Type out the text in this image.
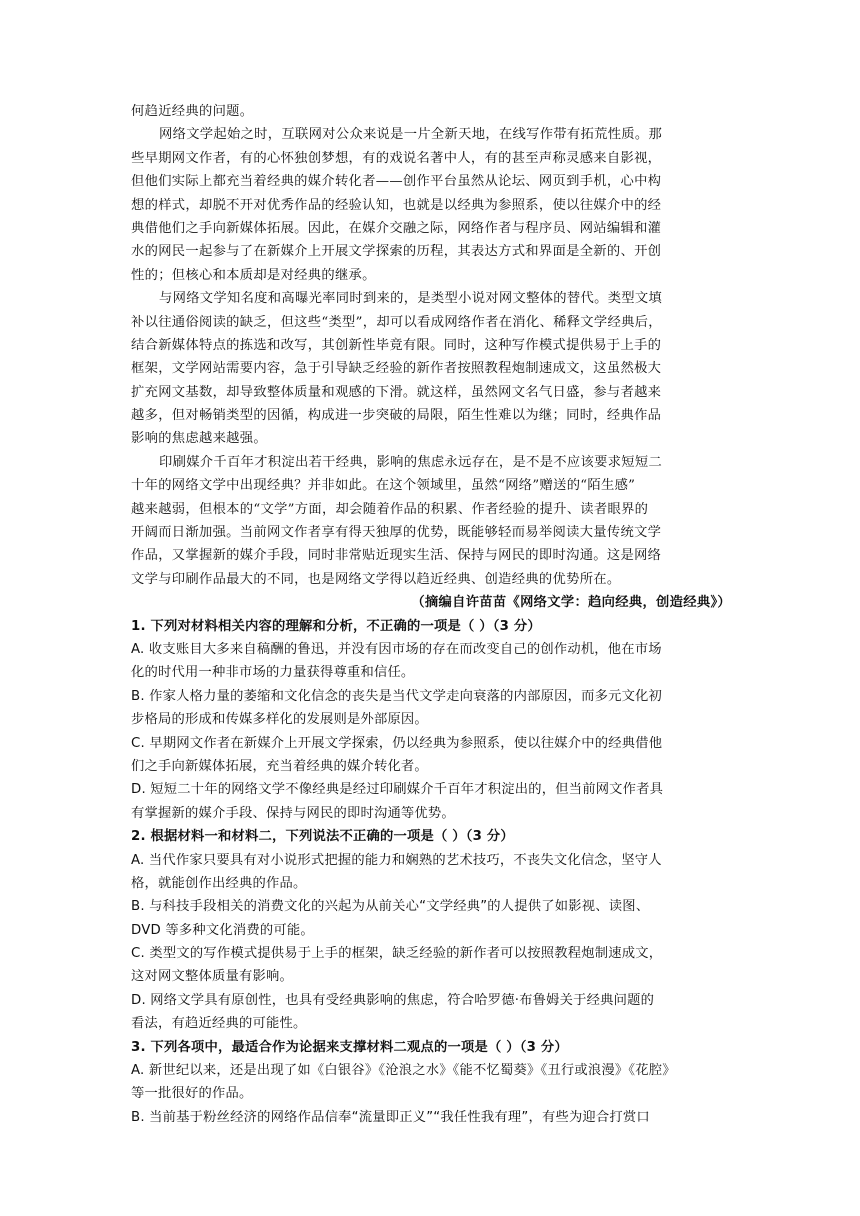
何趋近经典的问题。
网络文学起始之时，互联网对公众来说是一片全新天地，在线写作带有拓荒性质。那
些早期网文作者，有的心怀独创梦想，有的戏说名著中人，有的甚至声称灵感来自影视，
但他们实际上都充当着经典的媒介转化者——创作平台虽然从论坛、网页到手机，心中构
想的样式，却脱不开对优秀作品的经验认知，也就是以经典为参照系，使以往媒介中的经
典借他们之手向新媒体拓展。因此，在媒介交融之际，网络作者与程序员、网站编辑和灌
水的网民一起参与了在新媒介上开展文学探索的历程，其表达方式和界面是全新的、开创
性的；但核心和本质却是对经典的继承。
与网络文学知名度和高曝光率同时到来的，是类型小说对网文整体的替代。类型文填
补以往通俗阅读的缺乏，但这些“类型”，却可以看成网络作者在消化、稀释文学经典后，
结合新媒体特点的拣选和改写，其创新性毕竟有限。同时，这种写作模式提供易于上手的
框架，文学网站需要内容，急于引导缺乏经验的新作者按照教程炮制速成文，这虽然极大
扩充网文基数，却导致整体质量和观感的下滑。就这样，虽然网文名气日盛，参与者越来
越多，但对畅销类型的因循，构成进一步突破的局限，陌生性难以为继；同时，经典作品
影响的焦虑越来越强。
印刷媒介千百年才积淀出若干经典，影响的焦虑永远存在，是不是不应该要求短短二
十年的网络文学中出现经典？并非如此。在这个领域里，虽然“网络”赠送的“陌生感”
越来越弱，但根本的“文学”方面，却会随着作品的积累、作者经验的提升、读者眼界的
开阔而日渐加强。当前网文作者享有得天独厚的优势，既能够轻而易举阅读大量传统文学
作品，又掌握新的媒介手段，同时非常贴近现实生活、保持与网民的即时沟通。这是网络
文学与印刷作品最大的不同，也是网络文学得以趋近经典、创造经典的优势所在。
（摘编自许苗苗《网络文学：趋向经典，创造经典》）
1. 下列对材料相关内容的理解和分析，不正确的一项是（ ）（3 分）
A. 收支账目大多来自稿酬的鲁迅，并没有因市场的存在而改变自己的创作动机，他在市场
化的时代用一种非市场的力量获得尊重和信任。
B. 作家人格力量的萎缩和文化信念的丧失是当代文学走向衰落的内部原因，而多元文化初
步格局的形成和传媒多样化的发展则是外部原因。
C. 早期网文作者在新媒介上开展文学探索，仍以经典为参照系，使以往媒介中的经典借他
们之手向新媒体拓展，充当着经典的媒介转化者。
D. 短短二十年的网络文学不像经典是经过印刷媒介千百年才积淀出的，但当前网文作者具
有掌握新的媒介手段、保持与网民的即时沟通等优势。
2. 根据材料一和材料二，下列说法不正确的一项是（ ）（3 分）
A. 当代作家只要具有对小说形式把握的能力和娴熟的艺术技巧，不丧失文化信念，坚守人
格，就能创作出经典的作品。
B. 与科技手段相关的消费文化的兴起为从前关心“文学经典”的人提供了如影视、读图、
DVD 等多种文化消费的可能。
C. 类型文的写作模式提供易于上手的框架，缺乏经验的新作者可以按照教程炮制速成文，
这对网文整体质量有影响。
D. 网络文学具有原创性，也具有受经典影响的焦虑，符合哈罗德·布鲁姆关于经典问题的
看法，有趋近经典的可能性。
3. 下列各项中，最适合作为论据来支撑材料二观点的一项是（ ）（3 分）
A. 新世纪以来，还是出现了如《白银谷》《沧浪之水》《能不忆蜀葵》《丑行或浪漫》《花腔》
等一批很好的作品。
B. 当前基于粉丝经济的网络作品信奉“流量即正义”“我任性我有理”，有些为迎合打赏口
